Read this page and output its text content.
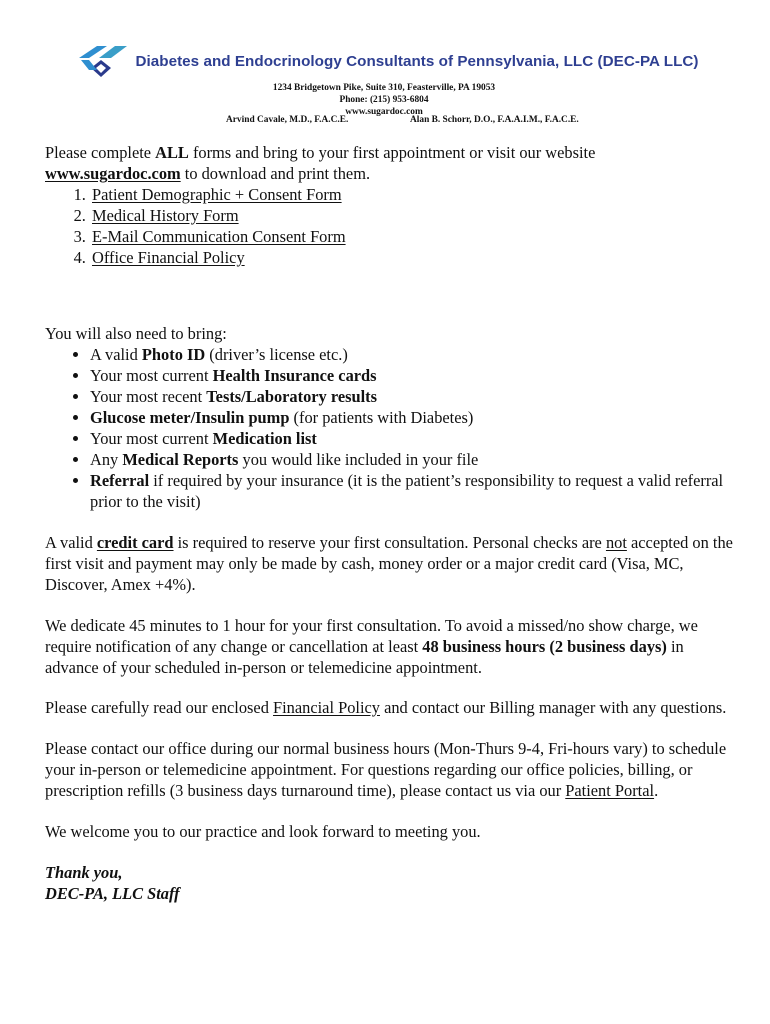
Diabetes and Endocrinology Consultants of Pennsylvania, LLC (DEC-PA LLC)
1234 Bridgetown Pike, Suite 310, Feasterville, PA 19053
Phone: (215) 953-6804
www.sugardoc.com
Arvind Cavale, M.D., F.A.C.E.	Alan B. Schorr, D.O., F.A.A.I.M., F.A.C.E.

Please complete ALL forms and bring to your first appointment or visit our website
www.sugardoc.com to download and print them.

1. Patient Demographic + Consent Form
2. Medical History Form
3. E-Mail Communication Consent Form
4. Office Financial Policy

You will also need to bring:

• A valid Photo ID (driver’s license etc.)
• Your most current Health Insurance cards
• Your most recent Tests/Laboratory results
• Glucose meter/Insulin pump (for patients with Diabetes)
• Your most current Medication list
• Any Medical Reports you would like included in your file
• Referral if required by your insurance (it is the patient’s responsibility to request a valid referral prior to the visit)

A valid credit card is required to reserve your first consultation. Personal checks are not accepted on the first visit and payment may only be made by cash, money order or a major credit card (Visa, MC, Discover, Amex +4%).

We dedicate 45 minutes to 1 hour for your first consultation. To avoid a missed/no show charge, we require notification of any change or cancellation at least 48 business hours (2 business days) in advance of your scheduled in-person or telemedicine appointment.

Please carefully read our enclosed Financial Policy and contact our Billing manager with any questions.

Please contact our office during our normal business hours (Mon-Thurs 9-4, Fri-hours vary) to schedule your in-person or telemedicine appointment. For questions regarding our office policies, billing, or prescription refills (3 business days turnaround time), please contact us via our Patient Portal.

We welcome you to our practice and look forward to meeting you.

Thank you,
DEC-PA, LLC Staff
